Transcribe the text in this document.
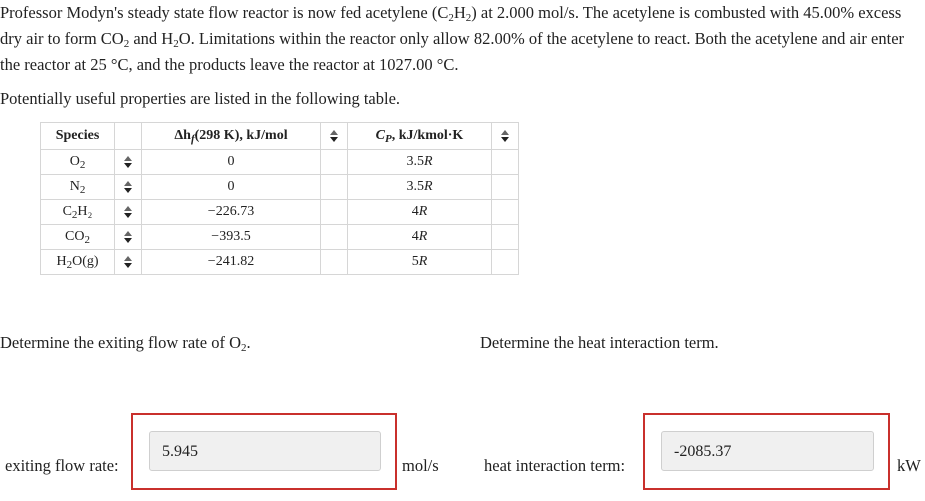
Professor Modyn's steady state flow reactor is now fed acetylene $(C_2H_2)$ at 2.000 mol/s. The acetylene is combusted with 45.00% excess dry air to form $CO_2$ and $H_2O$. Limitations within the reactor only allow 82.00% of the acetylene to react. Both the acetylene and air enter the reactor at 25 °C, and the products leave the reactor at 1027.00 °C.

Potentially useful properties are listed in the following table.
Species		$\Delta h_f(298$ K), kJ/mol		$C_P$, kJ/kmol·K	

$O_2$		0		3.5R	
$N_2$		0		3.5R	
$C_2H_2$		−226.73		4R	
$CO_2$		−393.5		4R	
$H_2O(g)$		−241.82		5R	
Determine the exiting flow rate of $O_2$.	Determine the heat interaction term.
exiting flow rate:
5.945
mol/s	heat interaction term:
-2085.37
kW
